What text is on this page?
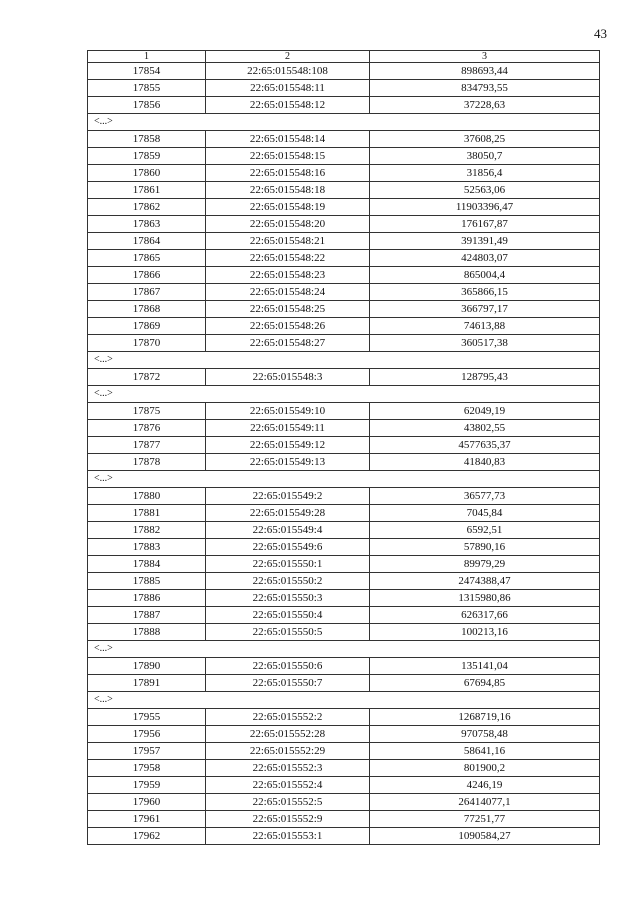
43
1	2	3
17854	22:65:015548:108	898693,44
17855	22:65:015548:11	834793,55
17856	22:65:015548:12	37228,63
<...>		
17858	22:65:015548:14	37608,25
17859	22:65:015548:15	38050,7
17860	22:65:015548:16	31856,4
17861	22:65:015548:18	52563,06
17862	22:65:015548:19	11903396,47
17863	22:65:015548:20	176167,87
17864	22:65:015548:21	391391,49
17865	22:65:015548:22	424803,07
17866	22:65:015548:23	865004,4
17867	22:65:015548:24	365866,15
17868	22:65:015548:25	366797,17
17869	22:65:015548:26	74613,88
17870	22:65:015548:27	360517,38
<...>		
17872	22:65:015548:3	128795,43
<...>		
17875	22:65:015549:10	62049,19
17876	22:65:015549:11	43802,55
17877	22:65:015549:12	4577635,37
17878	22:65:015549:13	41840,83
<...>		
17880	22:65:015549:2	36577,73
17881	22:65:015549:28	7045,84
17882	22:65:015549:4	6592,51
17883	22:65:015549:6	57890,16
17884	22:65:015550:1	89979,29
17885	22:65:015550:2	2474388,47
17886	22:65:015550:3	1315980,86
17887	22:65:015550:4	626317,66
17888	22:65:015550:5	100213,16
<...>		
17890	22:65:015550:6	135141,04
17891	22:65:015550:7	67694,85
<...>		
17955	22:65:015552:2	1268719,16
17956	22:65:015552:28	970758,48
17957	22:65:015552:29	58641,16
17958	22:65:015552:3	801900,2
17959	22:65:015552:4	4246,19
17960	22:65:015552:5	26414077,1
17961	22:65:015552:9	77251,77
17962	22:65:015553:1	1090584,27
